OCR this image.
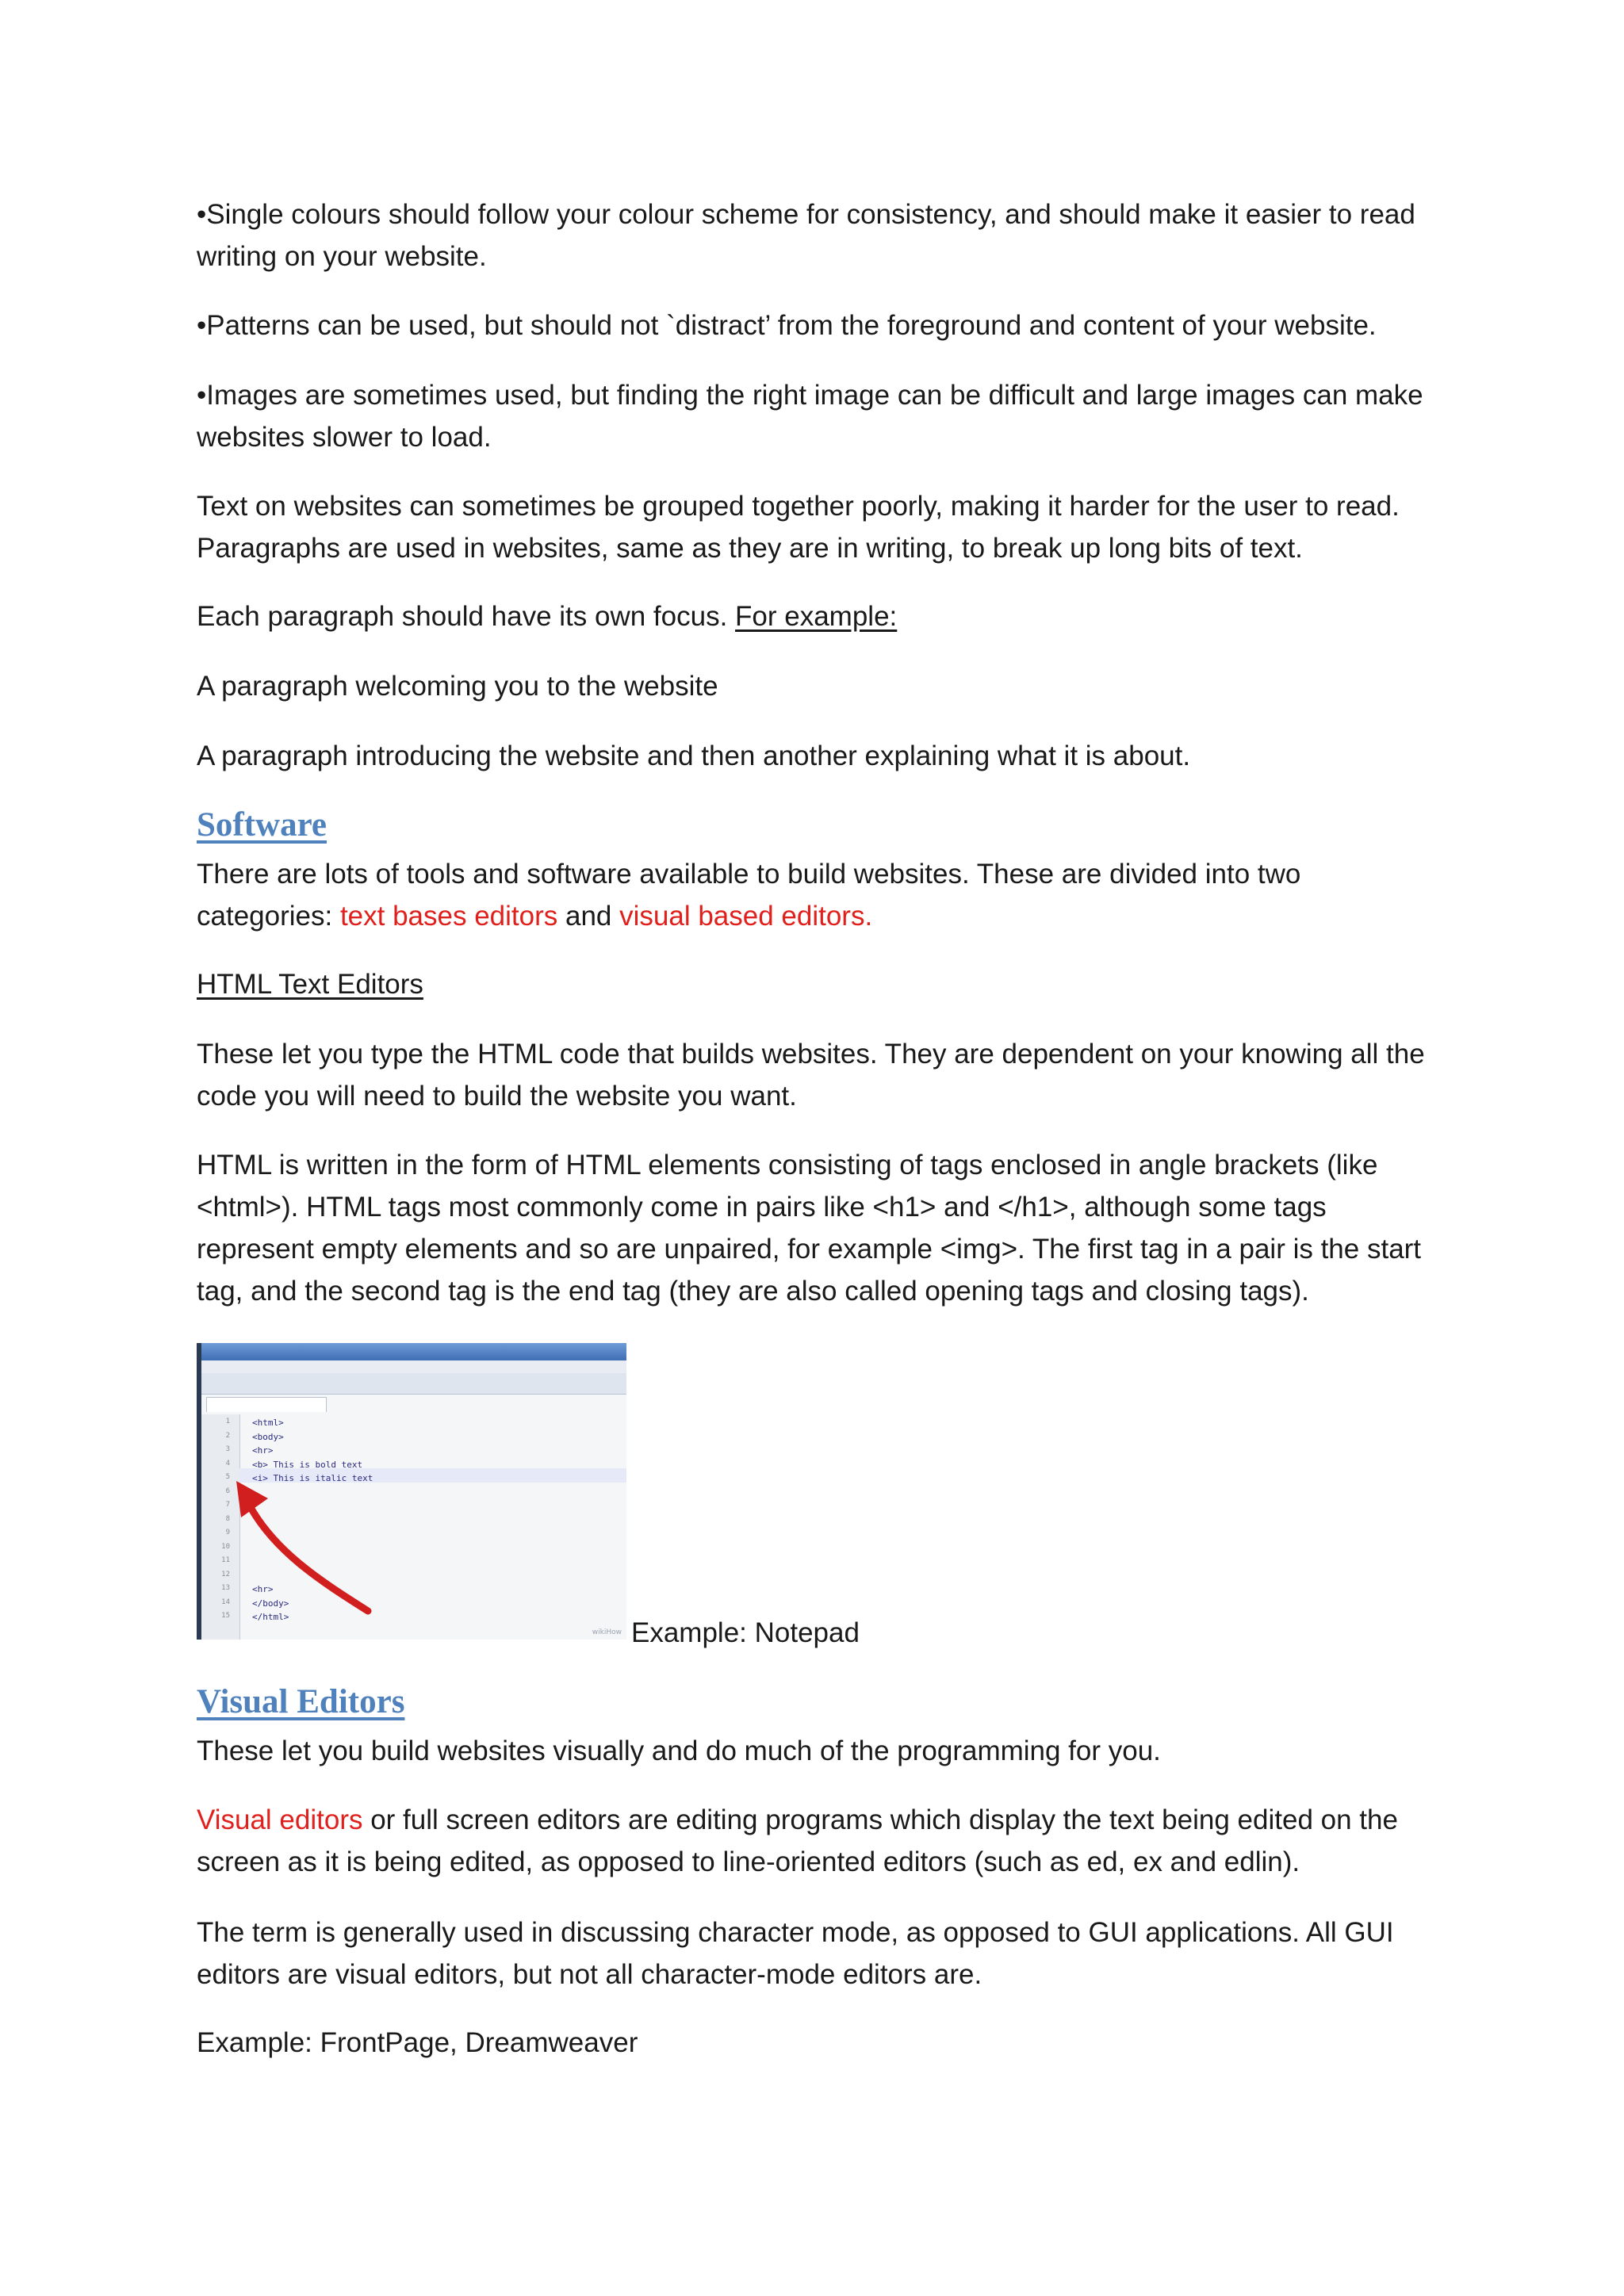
•Single colours should follow your colour scheme for consistency, and should make it easier to read
writing on your website.

•Patterns can be used, but should not `distract’ from the foreground and content of your website.

•Images are sometimes used, but finding the right image can be difficult and large images can make
websites slower to load.

Text on websites can sometimes be grouped together poorly, making it harder for the user to read.
Paragraphs are used in websites, same as they are in writing, to break up long bits of text.

Each paragraph should have its own focus. For example:

A paragraph welcoming you to the website

A paragraph introducing the website and then another explaining what it is about.

Software

There are lots of tools and software available to build websites. These are divided into two
categories: text bases editors and visual based editors.

HTML Text Editors

These let you type the HTML code that builds websites. They are dependent on your knowing all the
code you will need to build the website you want.

HTML is written in the form of HTML elements consisting of tags enclosed in angle brackets (like
<html>). HTML tags most commonly come in pairs like <h1> and </h1>, although some tags
represent empty elements and so are unpaired, for example <img>. The first tag in a pair is the start
tag, and the second tag is the end tag (they are also called opening tags and closing tags).

1	<html>

2	<body>

3	<hr>

4	<b> This is bold text

5	<i> This is italic text

6

7

8

9

10

11

12

13	<hr>

14	</body>

15	</html>

wikiHow Example: Notepad

Visual Editors

These let you build websites visually and do much of the programming for you.

Visual editors or full screen editors are editing programs which display the text being edited on the
screen as it is being edited, as opposed to line-oriented editors (such as ed, ex and edlin).

The term is generally used in discussing character mode, as opposed to GUI applications. All GUI
editors are visual editors, but not all character-mode editors are.

Example: FrontPage, Dreamweaver
